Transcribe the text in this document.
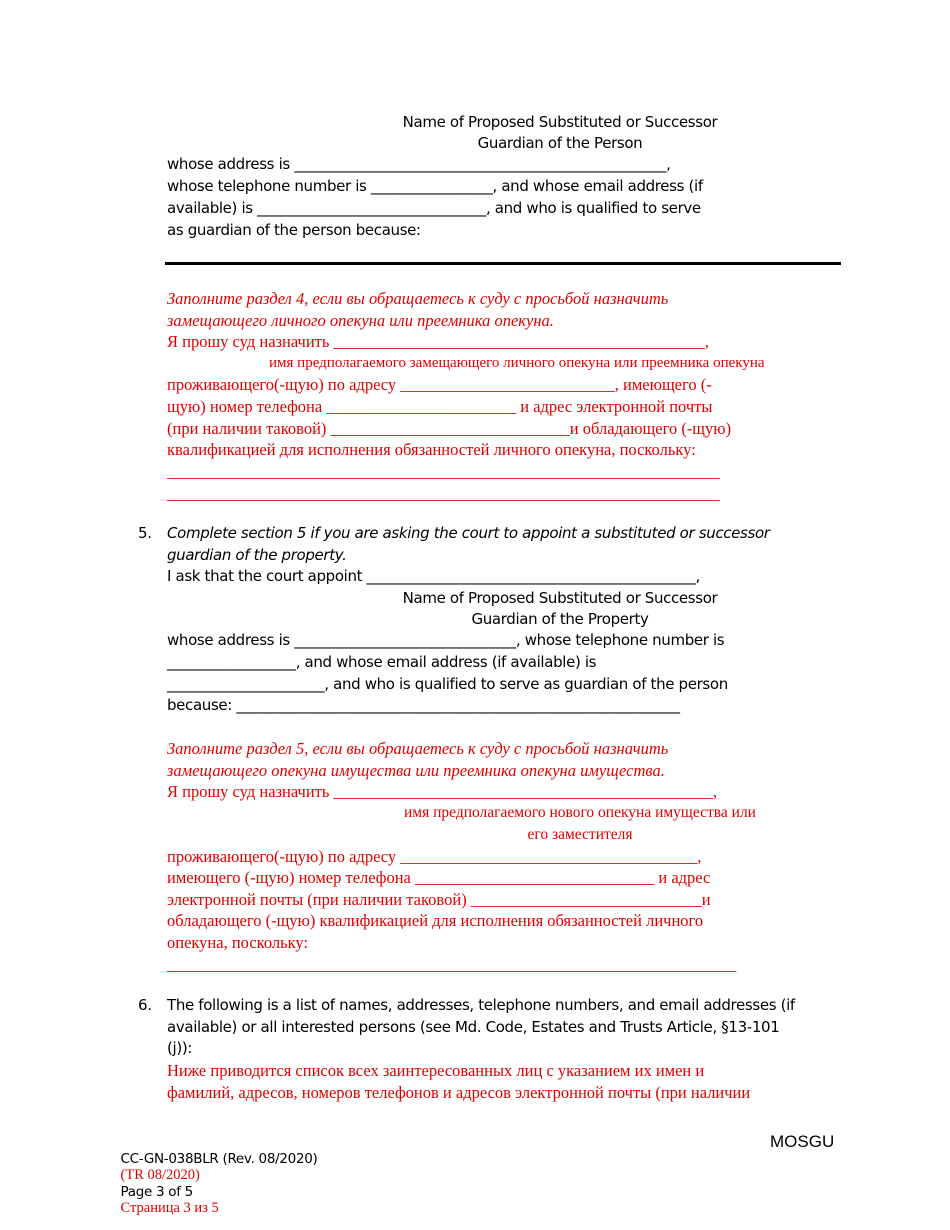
Name of Proposed Substituted or Successor
Guardian of the Person
whose address is ____________________________________________________,
whose telephone number is _________________, and whose email address (if
available) is ________________________________, and who is qualified to serve
as guardian of the person because:
Заполните раздел 4, если вы обращаетесь к суду с просьбой назначить
замещающего личного опекуна или преемника опекуна.
Я прошу суд назначить _____________________________________________,
имя предполагаемого замещающего личного опекуна или преемника опекуна
проживающего(-щую) по адресу __________________________, имеющего (-
щую) номер телефона _______________________ и адрес электронной почты
(при наличии таковой) _____________________________и обладающего (-щую)
квалификацией для исполнения обязанностей личного опекуна, поскольку:
___________________________________________________________________
___________________________________________________________________
5. Complete section 5 if you are asking the court to appoint a substituted or successor
guardian of the property.
I ask that the court appoint ______________________________________________,
Name of Proposed Substituted or Successor
Guardian of the Property
whose address is _______________________________, whose telephone number is
__________________, and whose email address (if available) is
______________________, and who is qualified to serve as guardian of the person
because: ______________________________________________________________
Заполните раздел 5, если вы обращаетесь к суду с просьбой назначить
замещающего опекуна имущества или преемника опекуна имущества.
Я прошу суд назначить ______________________________________________,
имя предполагаемого нового опекуна имущества или
его заместителя
проживающего(-щую) по адресу ____________________________________,
имеющего (-щую) номер телефона _____________________________ и адрес
электронной почты (при наличии таковой) ____________________________и
обладающего (-щую) квалификацией для исполнения обязанностей личного
опекуна, поскольку:
_____________________________________________________________________
6. The following is a list of names, addresses, telephone numbers, and email addresses (if
available) or all interested persons (see Md. Code, Estates and Trusts Article, §13-101
(j)):
Ниже приводится список всех заинтересованных лиц с указанием их имен и
фамилий, адресов, номеров телефонов и адресов электронной почты (при наличии

CC-GN-038BLR (Rev. 08/2020)
(TR 08/2020)
Page 3 of 5
Страница 3 из 5

MOSGU
